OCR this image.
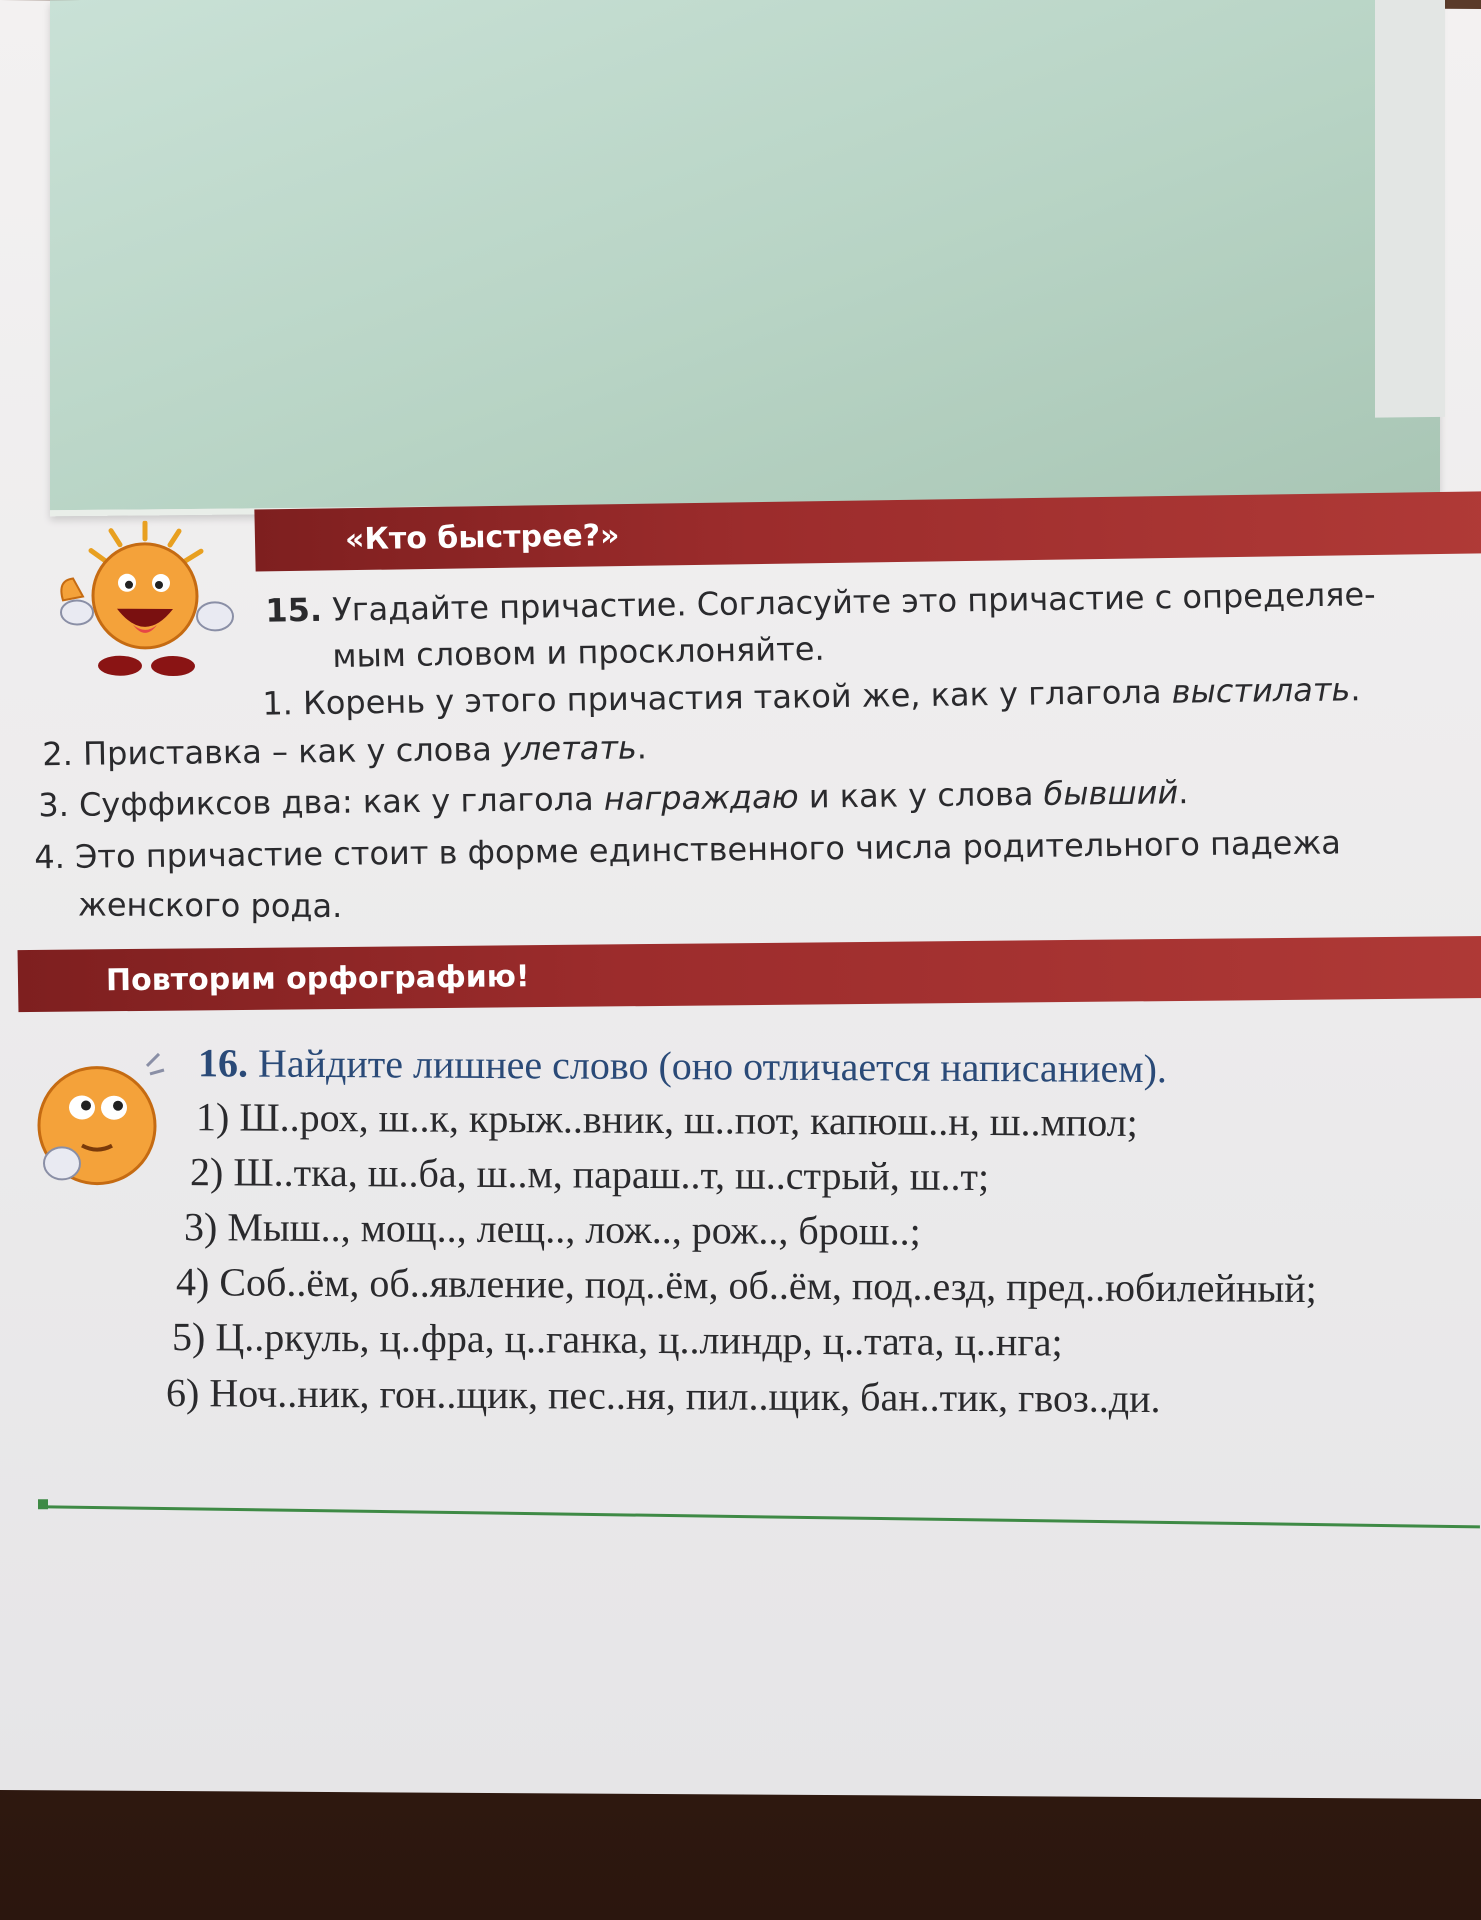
«Кто быстрее?»
15. Угадайте причастие. Согласуйте это причастие с определяе-
мым словом и просклоняйте.
1. Корень у этого причастия такой же, как у глагола выстилать.
2. Приставка – как у слова улетать.
3. Суффиксов два: как у глагола награждаю и как у слова бывший.
4. Это причастие стоит в форме единственного числа родительного падежа
женского рода.
Повторим орфографию!
16. Найдите лишнее слово (оно отличается написанием).
1) Ш..рох, ш..к, крыж..вник, ш..пот, капюш..н, ш..мпол;
2) Ш..тка, ш..ба, ш..м, параш..т, ш..стрый, ш..т;
3) Мыш.., мощ.., лещ.., лож.., рож.., брош..;
4) Соб..ём, об..явление, под..ём, об..ём, под..езд, пред..юбилейный;
5) Ц..ркуль, ц..фра, ц..ганка, ц..линдр, ц..тата, ц..нга;
6) Ноч..ник, гон..щик, пес..ня, пил..щик, бан..тик, гвоз..ди.
